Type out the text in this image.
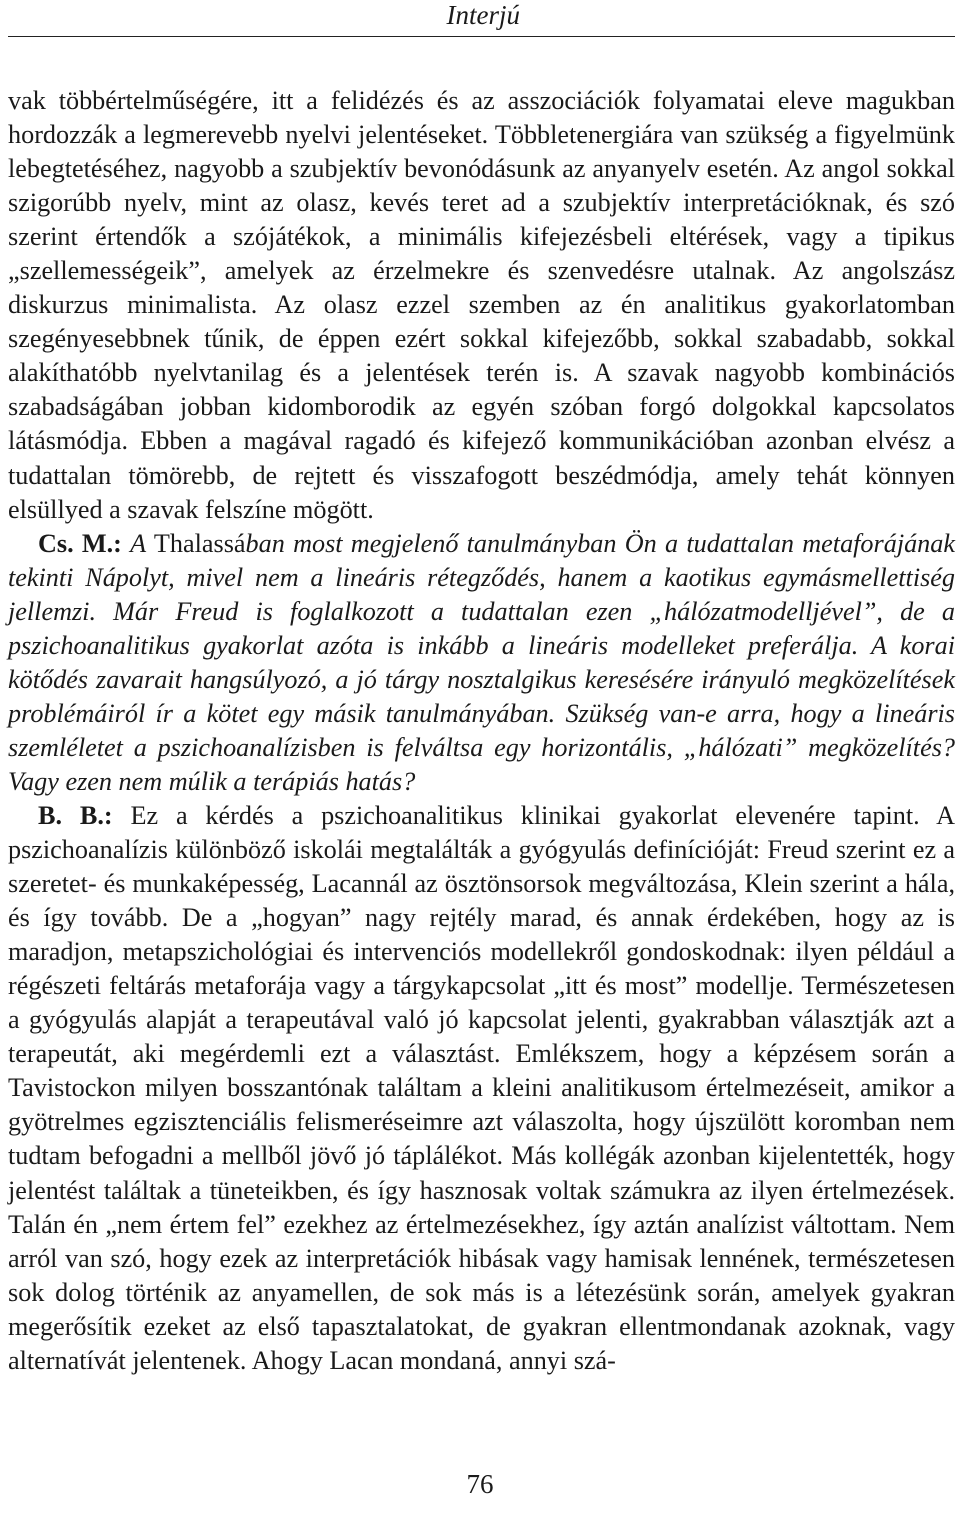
Interjú

vak többértelműségére, itt a felidézés és az asszociációk folyamatai eleve magukban hordozzák a legmerevebb nyelvi jelentéseket. Többletenergiára van szükség a figyelmünk lebegtetéséhez, nagyobb a szubjektív bevonódásunk az anyanyelv esetén. Az angol sokkal szigorúbb nyelv, mint az olasz, kevés teret ad a szubjektív interpretációknak, és szó szerint értendők a szójátékok, a minimális kifejezésbeli eltérések, vagy a tipikus „szellemességeik”, amelyek az érzelmekre és szenvedésre utalnak. Az angolszász diskurzus minimalista. Az olasz ezzel szemben az én analitikus gyakorlatomban szegényesebbnek tűnik, de éppen ezért sokkal kifejezőbb, sokkal szabadabb, sokkal alakíthatóbb nyelvtanilag és a jelentések terén is. A szavak nagyobb kombinációs szabadságában jobban kidomborodik az egyén szóban forgó dolgokkal kapcsolatos látásmódja. Ebben a magával ragadó és kifejező kommunikációban azonban elvész a tudattalan tömörebb, de rejtett és visszafogott beszédmódja, amely tehát könnyen elsüllyed a szavak felszíne mögött.

Cs. M.: A Thalassában most megjelenő tanulmányban Ön a tudattalan metaforájának tekinti Nápolyt, mivel nem a lineáris rétegződés, hanem a kaotikus egymásmellettiség jellemzi. Már Freud is foglalkozott a tudattalan ezen „hálózatmodelljével”, de a pszichoanalitikus gyakorlat azóta is inkább a lineáris modelleket preferálja. A korai kötődés zavarait hangsúlyozó, a jó tárgy nosztalgikus keresésére irányuló megközelítések problémáiról ír a kötet egy másik tanulmányában. Szükség van-e arra, hogy a lineáris szemléletet a pszichoanalízisben is felváltsa egy horizontális, „hálózati” megközelítés? Vagy ezen nem múlik a terápiás hatás?

B. B.: Ez a kérdés a pszichoanalitikus klinikai gyakorlat elevenére tapint. A pszichoanalízis különböző iskolái megtalálták a gyógyulás definícióját: Freud szerint ez a szeretet- és munkaképesség, Lacannál az ösztönsorsok megváltozása, Klein szerint a hála, és így tovább. De a „hogyan” nagy rejtély marad, és annak érdekében, hogy az is maradjon, metapszichológiai és intervenciós modellekről gondoskodnak: ilyen például a régészeti feltárás metaforája vagy a tárgykapcsolat „itt és most” modellje. Természetesen a gyógyulás alapját a terapeutával való jó kapcsolat jelenti, gyakrabban választják azt a terapeutát, aki megérdemli ezt a választást. Emlékszem, hogy a képzésem során a Tavistockon milyen bosszantónak találtam a kleini analitikusom értelmezéseit, amikor a gyötrelmes egzisztenciális felismeréseimre azt válaszolta, hogy újszülött koromban nem tudtam befogadni a mellből jövő jó táplálékot. Más kollégák azonban kijelentették, hogy jelentést találtak a tüneteikben, és így hasznosak voltak számukra az ilyen értelmezések. Talán én „nem értem fel” ezekhez az értelmezésekhez, így aztán analízist váltottam. Nem arról van szó, hogy ezek az interpretációk hibásak vagy hamisak lennének, természetesen sok dolog történik az anyamellen, de sok más is a létezésünk során, amelyek gyakran megerősítik ezeket az első tapasztalatokat, de gyakran ellentmondanak azoknak, vagy alternatívát jelentenek. Ahogy Lacan mondaná, annyi szá-

76
